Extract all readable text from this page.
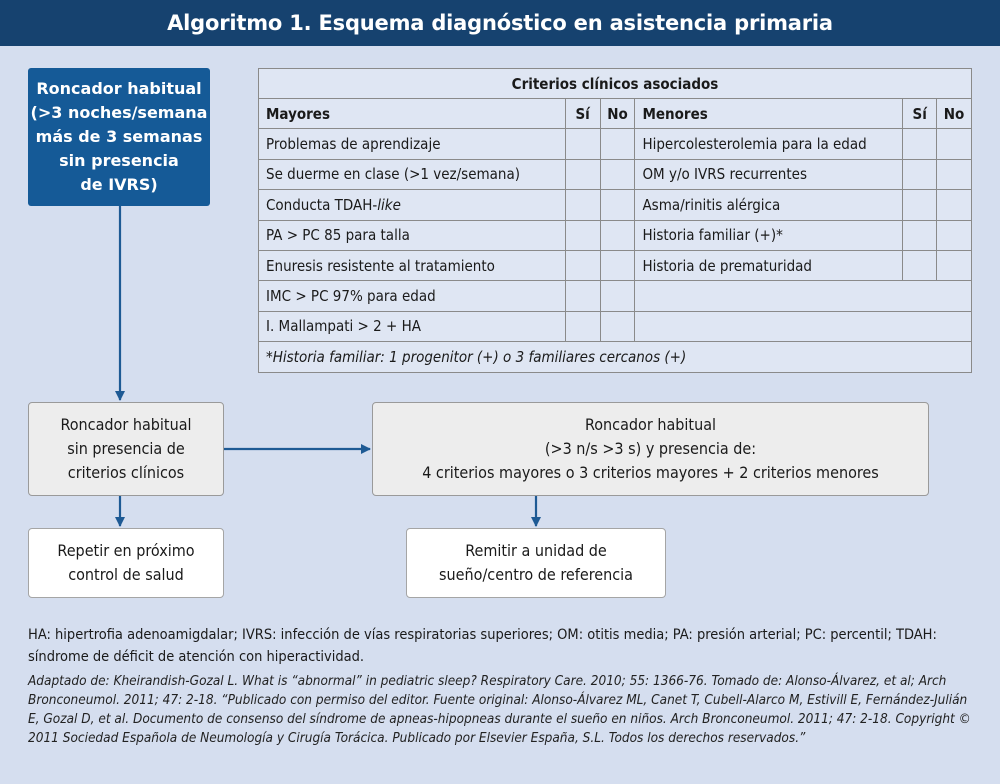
Algoritmo 1. Esquema diagnóstico en asistencia primaria
Roncador habitual
(>3 noches/semana
más de 3 semanas
sin presencia
de IVRS)
Criterios clínicos asociados					
Mayores	Sí	No	Menores	Sí	No
Problemas de aprendizaje			Hipercolesterolemia para la edad		
Se duerme en clase (>1 vez/semana)			OM y/o IVRS recurrentes		
Conducta TDAH-like			Asma/rinitis alérgica		
PA > PC 85 para talla			Historia familiar (+)*		
Enuresis resistente al tratamiento			Historia de prematuridad		
IMC > PC 97% para edad					
I. Mallampati > 2 + HA					
*Historia familiar: 1 progenitor (+) o 3 familiares cercanos (+)					
Roncador habitual
sin presencia de
criterios clínicos
Roncador habitual
(>3 n/s >3 s) y presencia de:
4 criterios mayores o 3 criterios mayores + 2 criterios menores
Repetir en próximo
control de salud
Remitir a unidad de
sueño/centro de referencia
HA: hipertrofia adenoamigdalar; IVRS: infección de vías respiratorias superiores; OM: otitis media; PA: presión arterial; PC: percentil; TDAH: síndrome de déficit de atención con hiperactividad.
Adaptado de: Kheirandish-Gozal L. What is “abnormal” in pediatric sleep? Respiratory Care. 2010; 55: 1366-76. Tomado de: Alonso-Álvarez, et al; Arch Bronconeumol. 2011; 47: 2-18. “Publicado con permiso del editor. Fuente original: Alonso-Álvarez ML, Canet T, Cubell-Alarco M, Estivill E, Fernández-Julián E, Gozal D, et al. Documento de consenso del síndrome de apneas-hipopneas durante el sueño en niños. Arch Bronconeumol. 2011; 47: 2-18. Copyright © 2011 Sociedad Española de Neumología y Cirugía Torácica. Publicado por Elsevier España, S.L. Todos los derechos reservados.”
